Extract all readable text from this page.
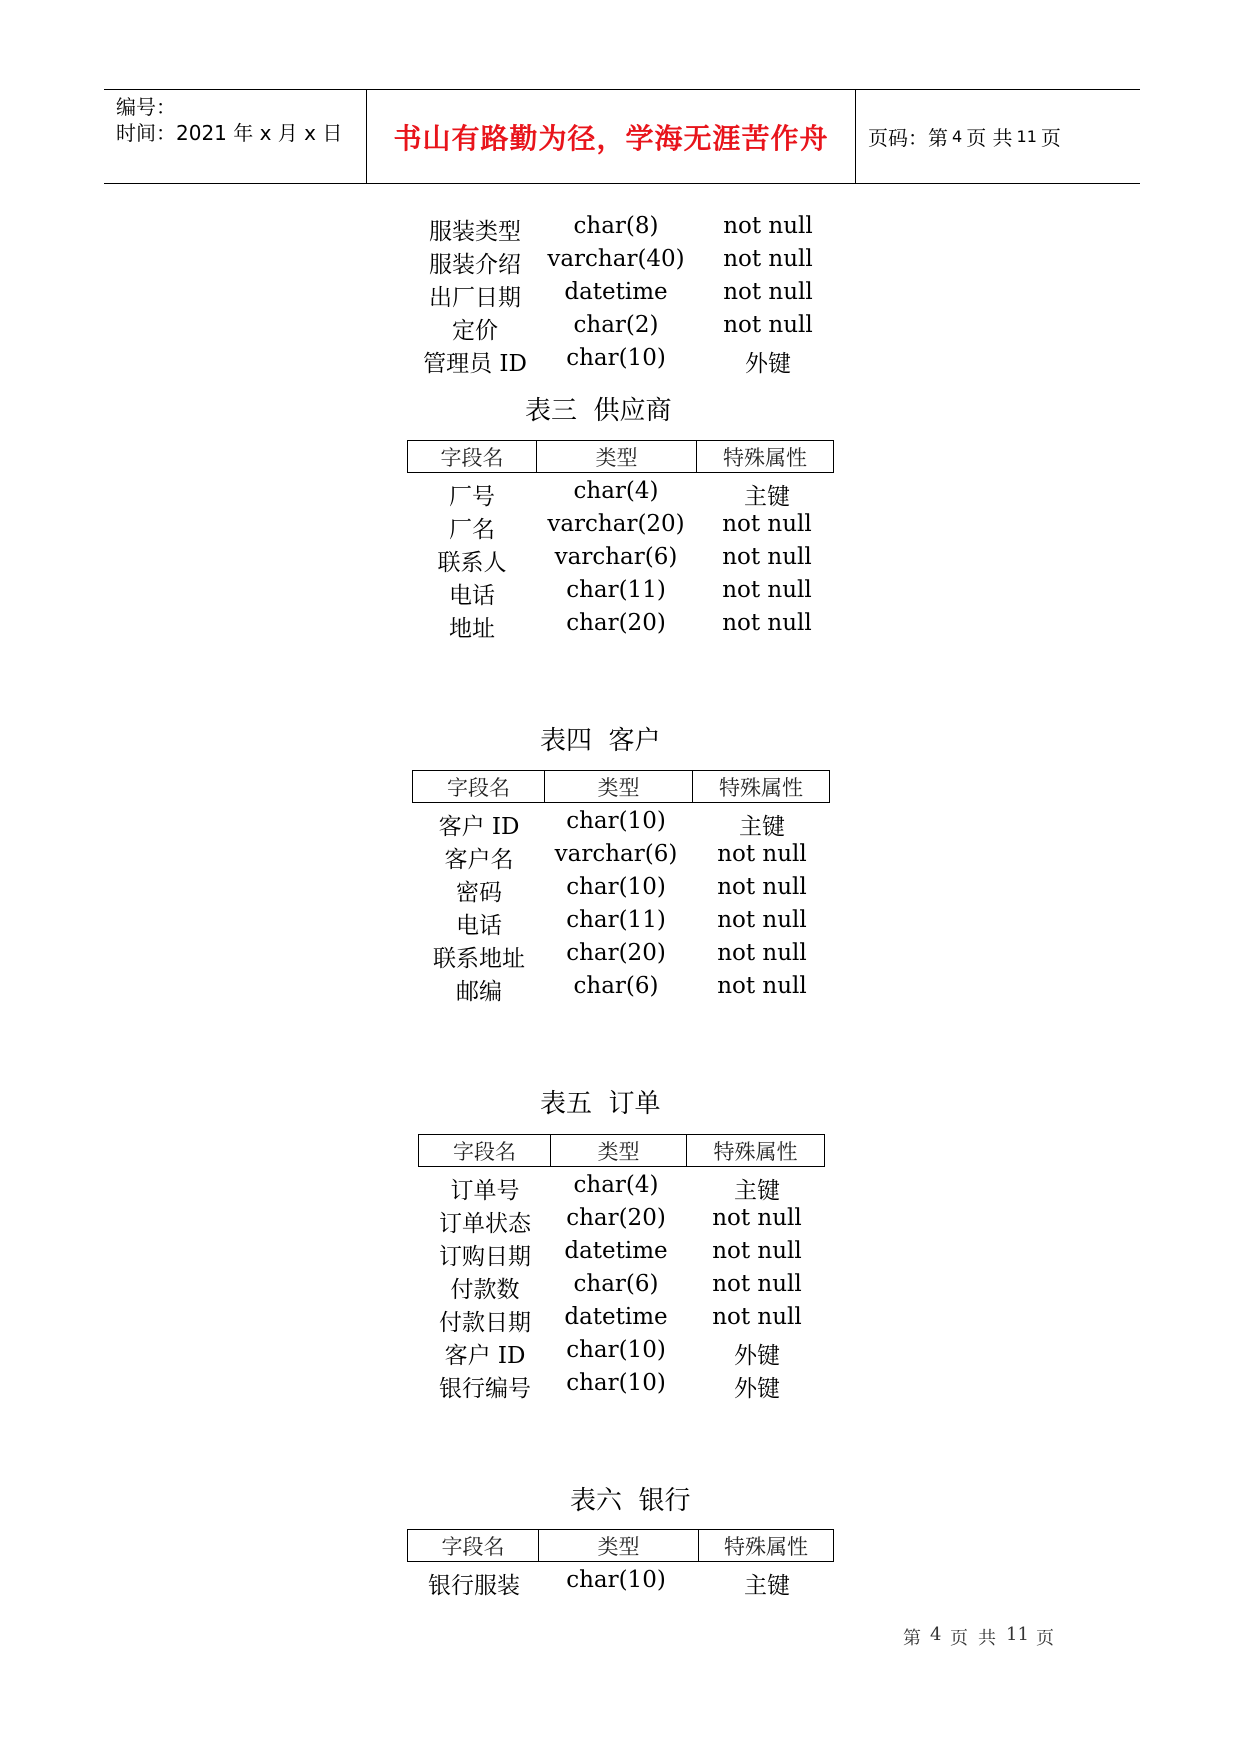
编号：
时间：2021 年 x 月 x 日	书山有路勤为径，学海无涯苦作舟 页码：第 4 页 共 11 页
服装类型 char(8)	not null
服装介绍 varchar(40) not null
出厂日期 datetime not null
定价	char(2)	not null
管理员 ID char(10)	外键
表三  供应商
字段名	类型	特殊属性
厂号	char(4)	主键
厂名 varchar(20) not null
联系人 varchar(6) not null
电话	char(11) not null
地址	char(20) not null
表四  客户
字段名	类型	特殊属性
客户 ID char(10)	主键
客户名 varchar(6) not null
密码	char(10) not null
电话	char(11) not null
联系地址 char(20) not null
邮编	char(6)	not null
表五  订单
字段名	类型	特殊属性
订单号 char(4)	主键
订单状态 char(20) not null
订购日期 datetime not null
付款数 char(6) not null
付款日期 datetime not null
客户 ID char(10)	外键
银行编号 char(10)	外键
表六  银行
字段名	类型	特殊属性
银行服装 char(10)	主键
第 4 页 共 11 页
